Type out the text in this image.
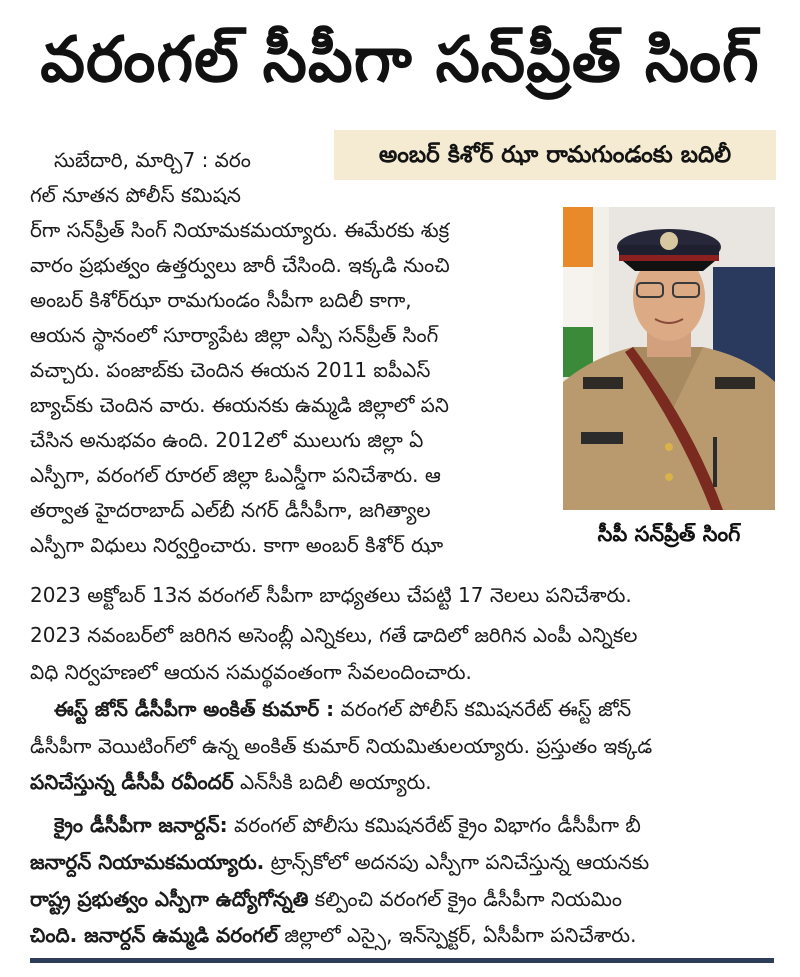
వరంగల్ సీపీగా సన్‌ప్రీత్ సింగ్
అంబర్ కిశోర్ ఝా రామగుండంకు బదిలీ
సీపీ సన్‌ప్రీత్ సింగ్
సుబేదారి, మార్చి7 : వరం
గల్ నూతన పోలీస్ కమిషన
ర్‌గా సన్‌ప్రీత్ సింగ్ నియామకమయ్యారు. ఈమేరకు శుక్ర
వారం ప్రభుత్వం ఉత్తర్వులు జారీ చేసింది. ఇక్కడి నుంచి
అంబర్ కిశోర్‌ఝా రామగుండం సీపీగా బదిలీ కాగా,
ఆయన స్థానంలో సూర్యాపేట జిల్లా ఎస్పీ సన్‌ప్రీత్ సింగ్
వచ్చారు. పంజాబ్‌కు చెందిన ఈయన 2011 ఐపీఎస్
బ్యాచ్‌కు చెందిన వారు. ఈయనకు ఉమ్మడి జిల్లాలో పని
చేసిన అనుభవం ఉంది. 2012లో ములుగు జిల్లా ఏ
ఎస్పీగా, వరంగల్ రూరల్ జిల్లా ఓఎస్డీగా పనిచేశారు. ఆ
తర్వాత హైదరాబాద్ ఎల్‌బీ నగర్ డీసీపీగా, జగిత్యాల
ఎస్పీగా విధులు నిర్వర్తించారు. కాగా అంబర్ కిశోర్ ఝా
2023 అక్టోబర్ 13న వరంగల్ సీపీగా బాధ్యతలు చేపట్టి 17 నెలలు పనిచేశారు.
2023 నవంబర్‌లో జరిగిన అసెంబ్లీ ఎన్నికలు, గతే డాదిలో జరిగిన ఎంపీ ఎన్నికల
విధి నిర్వహణలో ఆయన సమర్థవంతంగా సేవలందించారు.
ఈస్ట్ జోన్ డీసీపీగా అంకిత్ కుమార్ : వరంగల్ పోలీస్ కమిషనరేట్ ఈస్ట్ జోన్
డీసీపీగా వెయిటింగ్‌లో ఉన్న అంకిత్ కుమార్ నియమితులయ్యారు. ప్రస్తుతం ఇక్కడ
పనిచేస్తున్న డీసీపీ రవీందర్ ఎన్‌సీకి బదిలీ అయ్యారు.
క్రైం డీసీపీగా జనార్దన్: వరంగల్ పోలీసు కమిషనరేట్ క్రైం విభాగం డీసీపీగా బీ
జనార్దన్ నియామకమయ్యారు. ట్రాన్స్‌కోలో అదనపు ఎస్పీగా పనిచేస్తున్న ఆయనకు
రాష్ట్ర ప్రభుత్వం ఎస్పీగా ఉద్యోగోన్నతి కల్పించి వరంగల్ క్రైం డీసీపీగా నియమిం
చింది. జనార్దన్ ఉమ్మడి వరంగల్ జిల్లాలో ఎస్సై, ఇన్‌స్పెక్టర్, ఏసీపీగా పనిచేశారు.
